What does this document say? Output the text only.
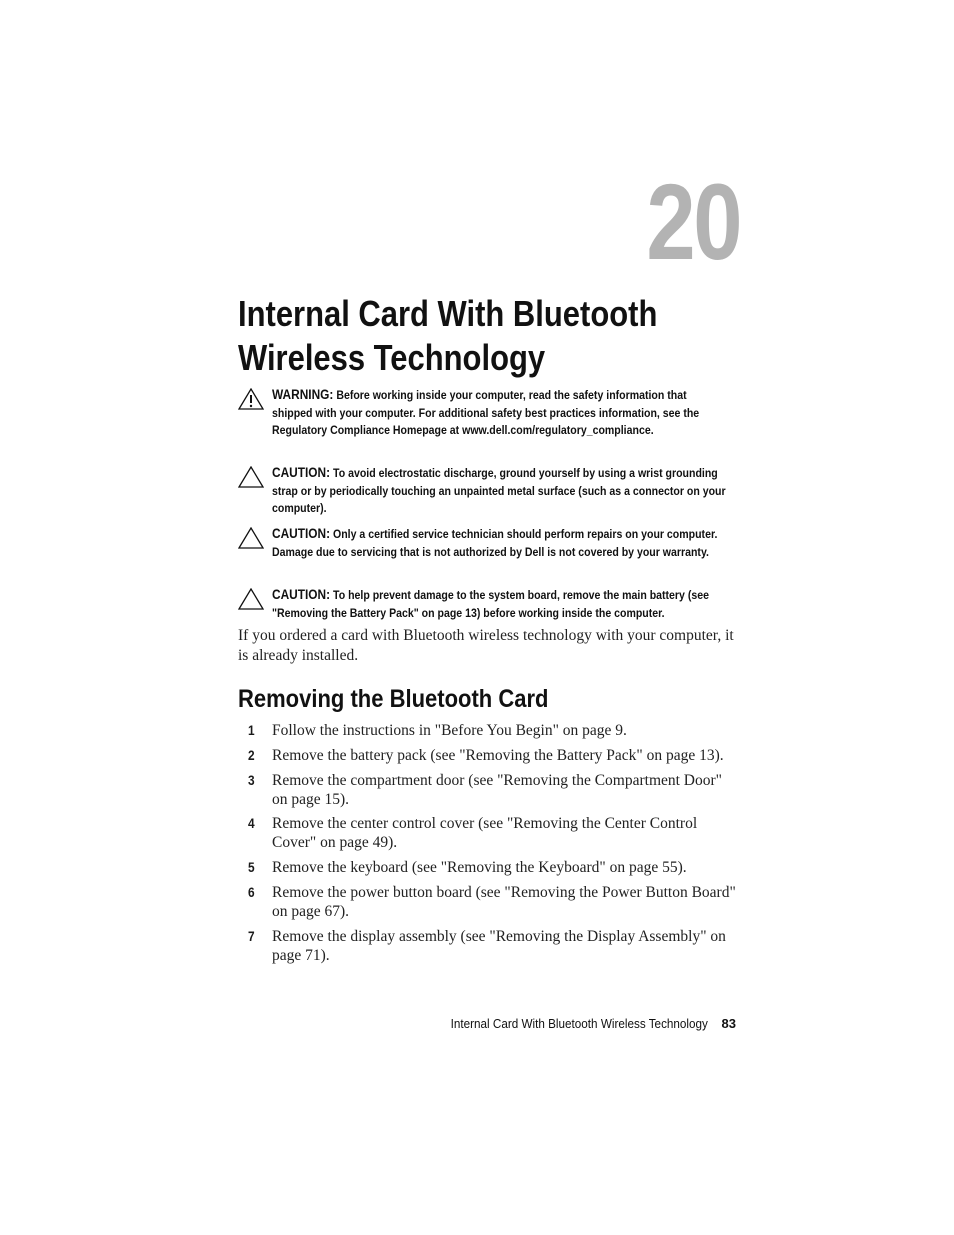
20
Internal Card With Bluetooth Wireless Technology
WARNING: Before working inside your computer, read the safety information that shipped with your computer. For additional safety best practices information, see the Regulatory Compliance Homepage at www.dell.com/regulatory_compliance.
CAUTION: To avoid electrostatic discharge, ground yourself by using a wrist grounding strap or by periodically touching an unpainted metal surface (such as a connector on your computer).
CAUTION: Only a certified service technician should perform repairs on your computer. Damage due to servicing that is not authorized by Dell is not covered by your warranty.
CAUTION: To help prevent damage to the system board, remove the main battery (see "Removing the Battery Pack" on page 13) before working inside the computer.

If you ordered a card with Bluetooth wireless technology with your computer, it is already installed.

Removing the Bluetooth Card
1 Follow the instructions in "Before You Begin" on page 9.
2 Remove the battery pack (see "Removing the Battery Pack" on page 13).
3 Remove the compartment door (see "Removing the Compartment Door" on page 15).
4 Remove the center control cover (see "Removing the Center Control Cover" on page 49).
5 Remove the keyboard (see "Removing the Keyboard" on page 55).
6 Remove the power button board (see "Removing the Power Button Board" on page 67).
7 Remove the display assembly (see "Removing the Display Assembly" on page 71).
Internal Card With Bluetooth Wireless Technology 83
